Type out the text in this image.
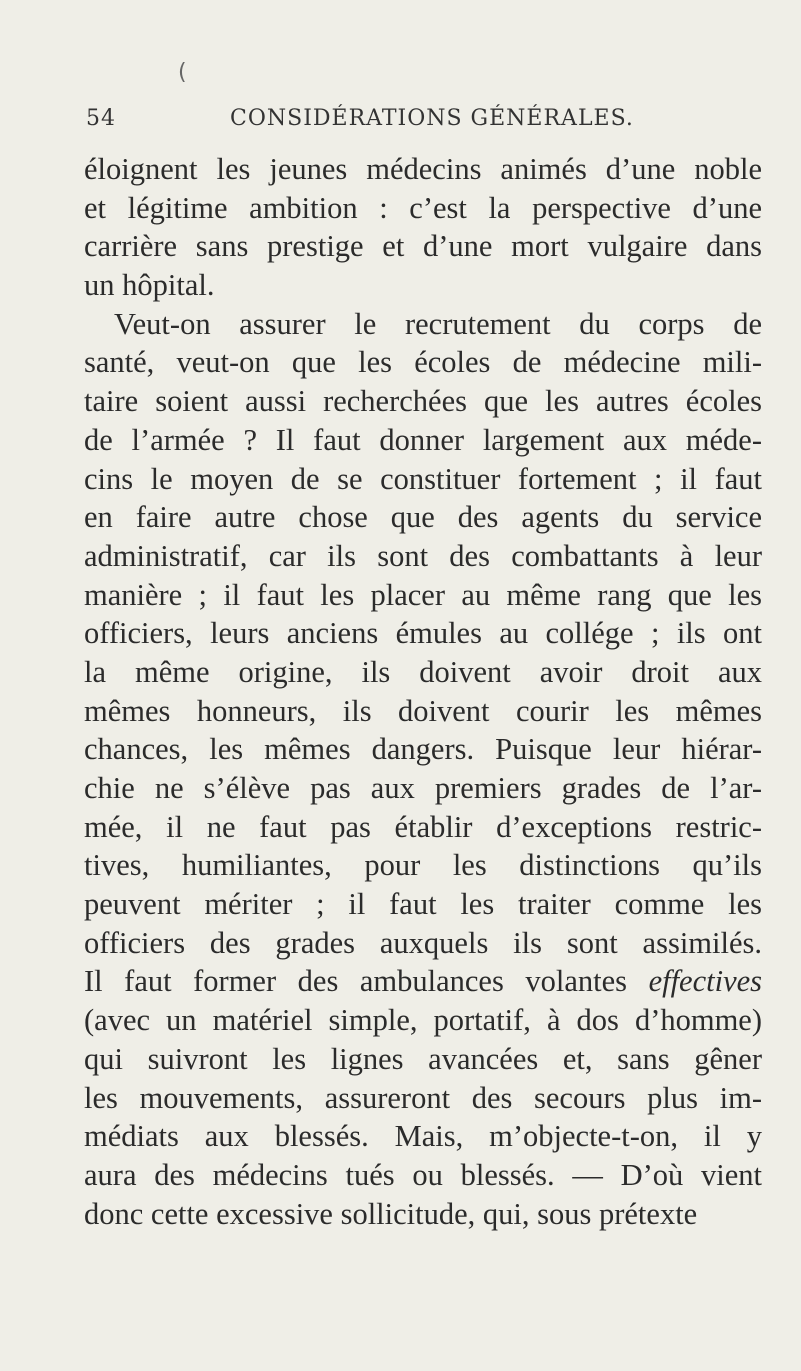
54	CONSIDÉRATIONS GÉNÉRALES.
(
éloignent les jeunes médecins animés d’une noble
et légitime ambition : c’est la perspective d’une
carrière sans prestige et d’une mort vulgaire dans
un hôpital.
Veut-on assurer le recrutement du corps de
santé, veut-on que les écoles de médecine mili-
taire soient aussi recherchées que les autres écoles
de l’armée ? Il faut donner largement aux méde-
cins le moyen de se constituer fortement ; il faut
en faire autre chose que des agents du service
administratif, car ils sont des combattants à leur
manière ; il faut les placer au même rang que les
officiers, leurs anciens émules au collége ; ils ont
la même origine, ils doivent avoir droit aux
mêmes honneurs, ils doivent courir les mêmes
chances, les mêmes dangers. Puisque leur hiérar-
chie ne s’élève pas aux premiers grades de l’ar-
mée, il ne faut pas établir d’exceptions restric-
tives, humiliantes, pour les distinctions qu’ils
peuvent mériter ; il faut les traiter comme les
officiers des grades auxquels ils sont assimilés.
Il faut former des ambulances volantes effectives
(avec un matériel simple, portatif, à dos d’homme)
qui suivront les lignes avancées et, sans gêner
les mouvements, assureront des secours plus im-
médiats aux blessés. Mais, m’objecte-t-on, il y
aura des médecins tués ou blessés. — D’où vient
donc cette excessive sollicitude, qui, sous prétexte
